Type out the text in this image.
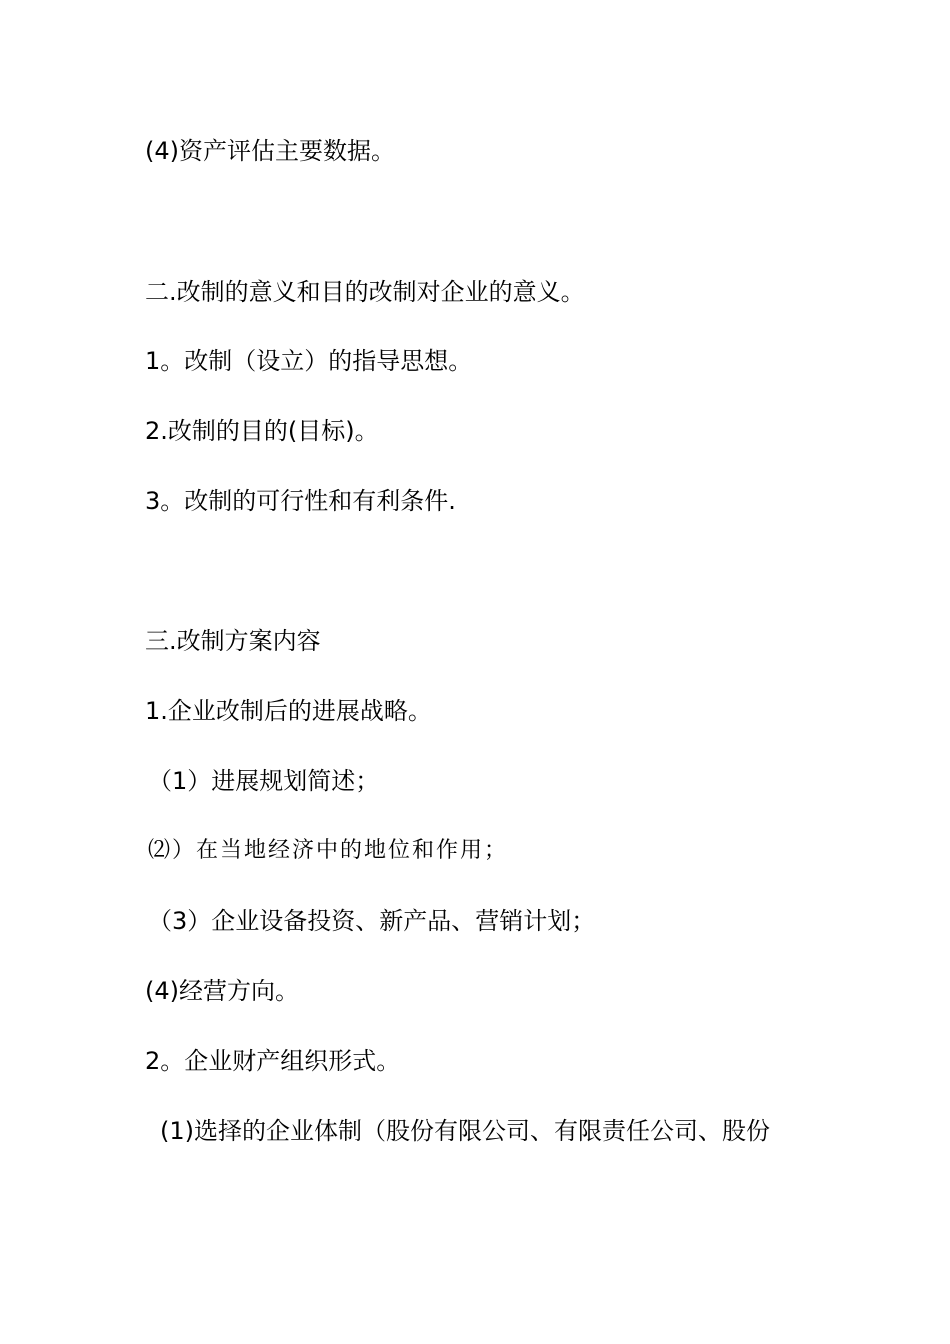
(4)资产评估主要数据。
二.改制的意义和目的改制对企业的意义。
1。改制（设立）的指导思想。
2.改制的目的(目标)。
3。改制的可行性和有利条件.
三.改制方案内容
1.企业改制后的进展战略。
（1）进展规划简述；
⑵）在当地经济中的地位和作用；
（3）企业设备投资、新产品、营销计划；
(4)经营方向。
2。企业财产组织形式。
(1)选择的企业体制（股份有限公司、有限责任公司、股份
